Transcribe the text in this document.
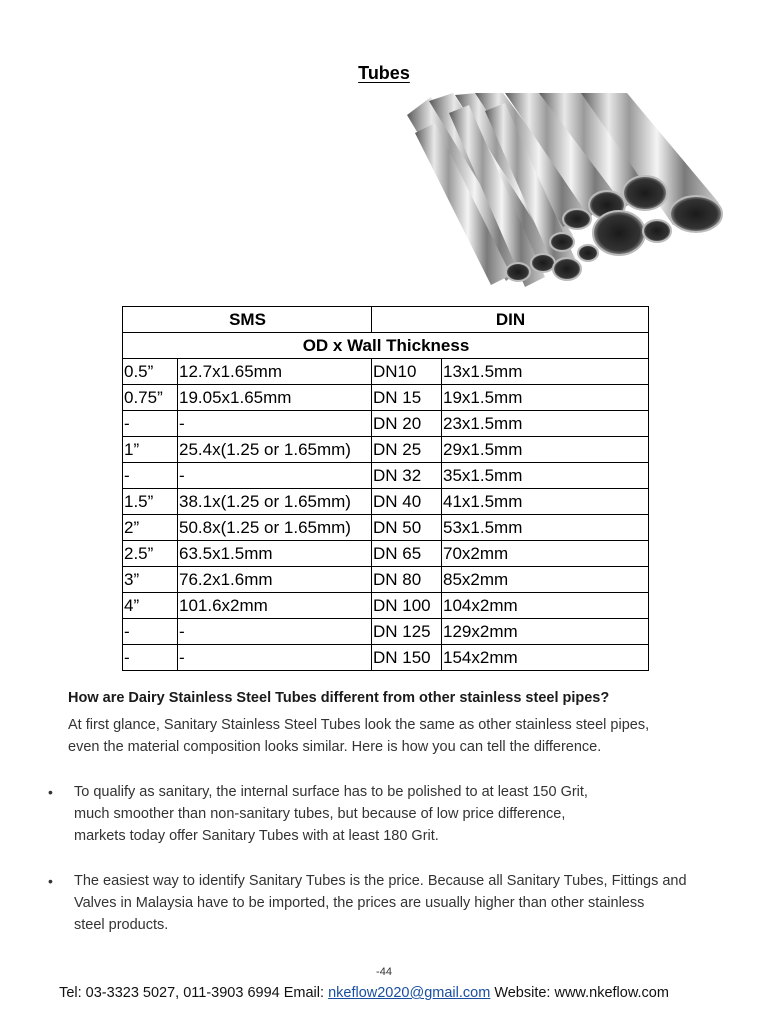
Tubes
SMS		DIN	
OD x Wall Thickness			
0.5”	12.7x1.65mm	DN10	13x1.5mm
0.75”	19.05x1.65mm	DN 15	19x1.5mm
-	-	DN 20	23x1.5mm
1”	25.4x(1.25 or 1.65mm)	DN 25	29x1.5mm
-	-	DN 32	35x1.5mm
1.5”	38.1x(1.25 or 1.65mm)	DN 40	41x1.5mm
2”	50.8x(1.25 or 1.65mm)	DN 50	53x1.5mm
2.5”	63.5x1.5mm	DN 65	70x2mm
3”	76.2x1.6mm	DN 80	85x2mm
4”	101.6x2mm	DN 100	104x2mm
-	-	DN 125	129x2mm
-	-	DN 150	154x2mm
How are Dairy Stainless Steel Tubes different from other stainless steel pipes?
At first glance, Sanitary Stainless Steel Tubes look the same as other stainless steel pipes,
even the material composition looks similar. Here is how you can tell the difference.
• To qualify as sanitary, the internal surface has to be polished to at least 150 Grit,
much smoother than non-sanitary tubes, but because of low price difference,
markets today offer Sanitary Tubes with at least 180 Grit.
• The easiest way to identify Sanitary Tubes is the price. Because all Sanitary Tubes, Fittings and
Valves in Malaysia have to be imported, the prices are usually higher than other stainless
steel products.
-44
Tel: 03-3323 5027, 011-3903 6994 Email: nkeflow2020@gmail.com Website: www.nkeflow.com
